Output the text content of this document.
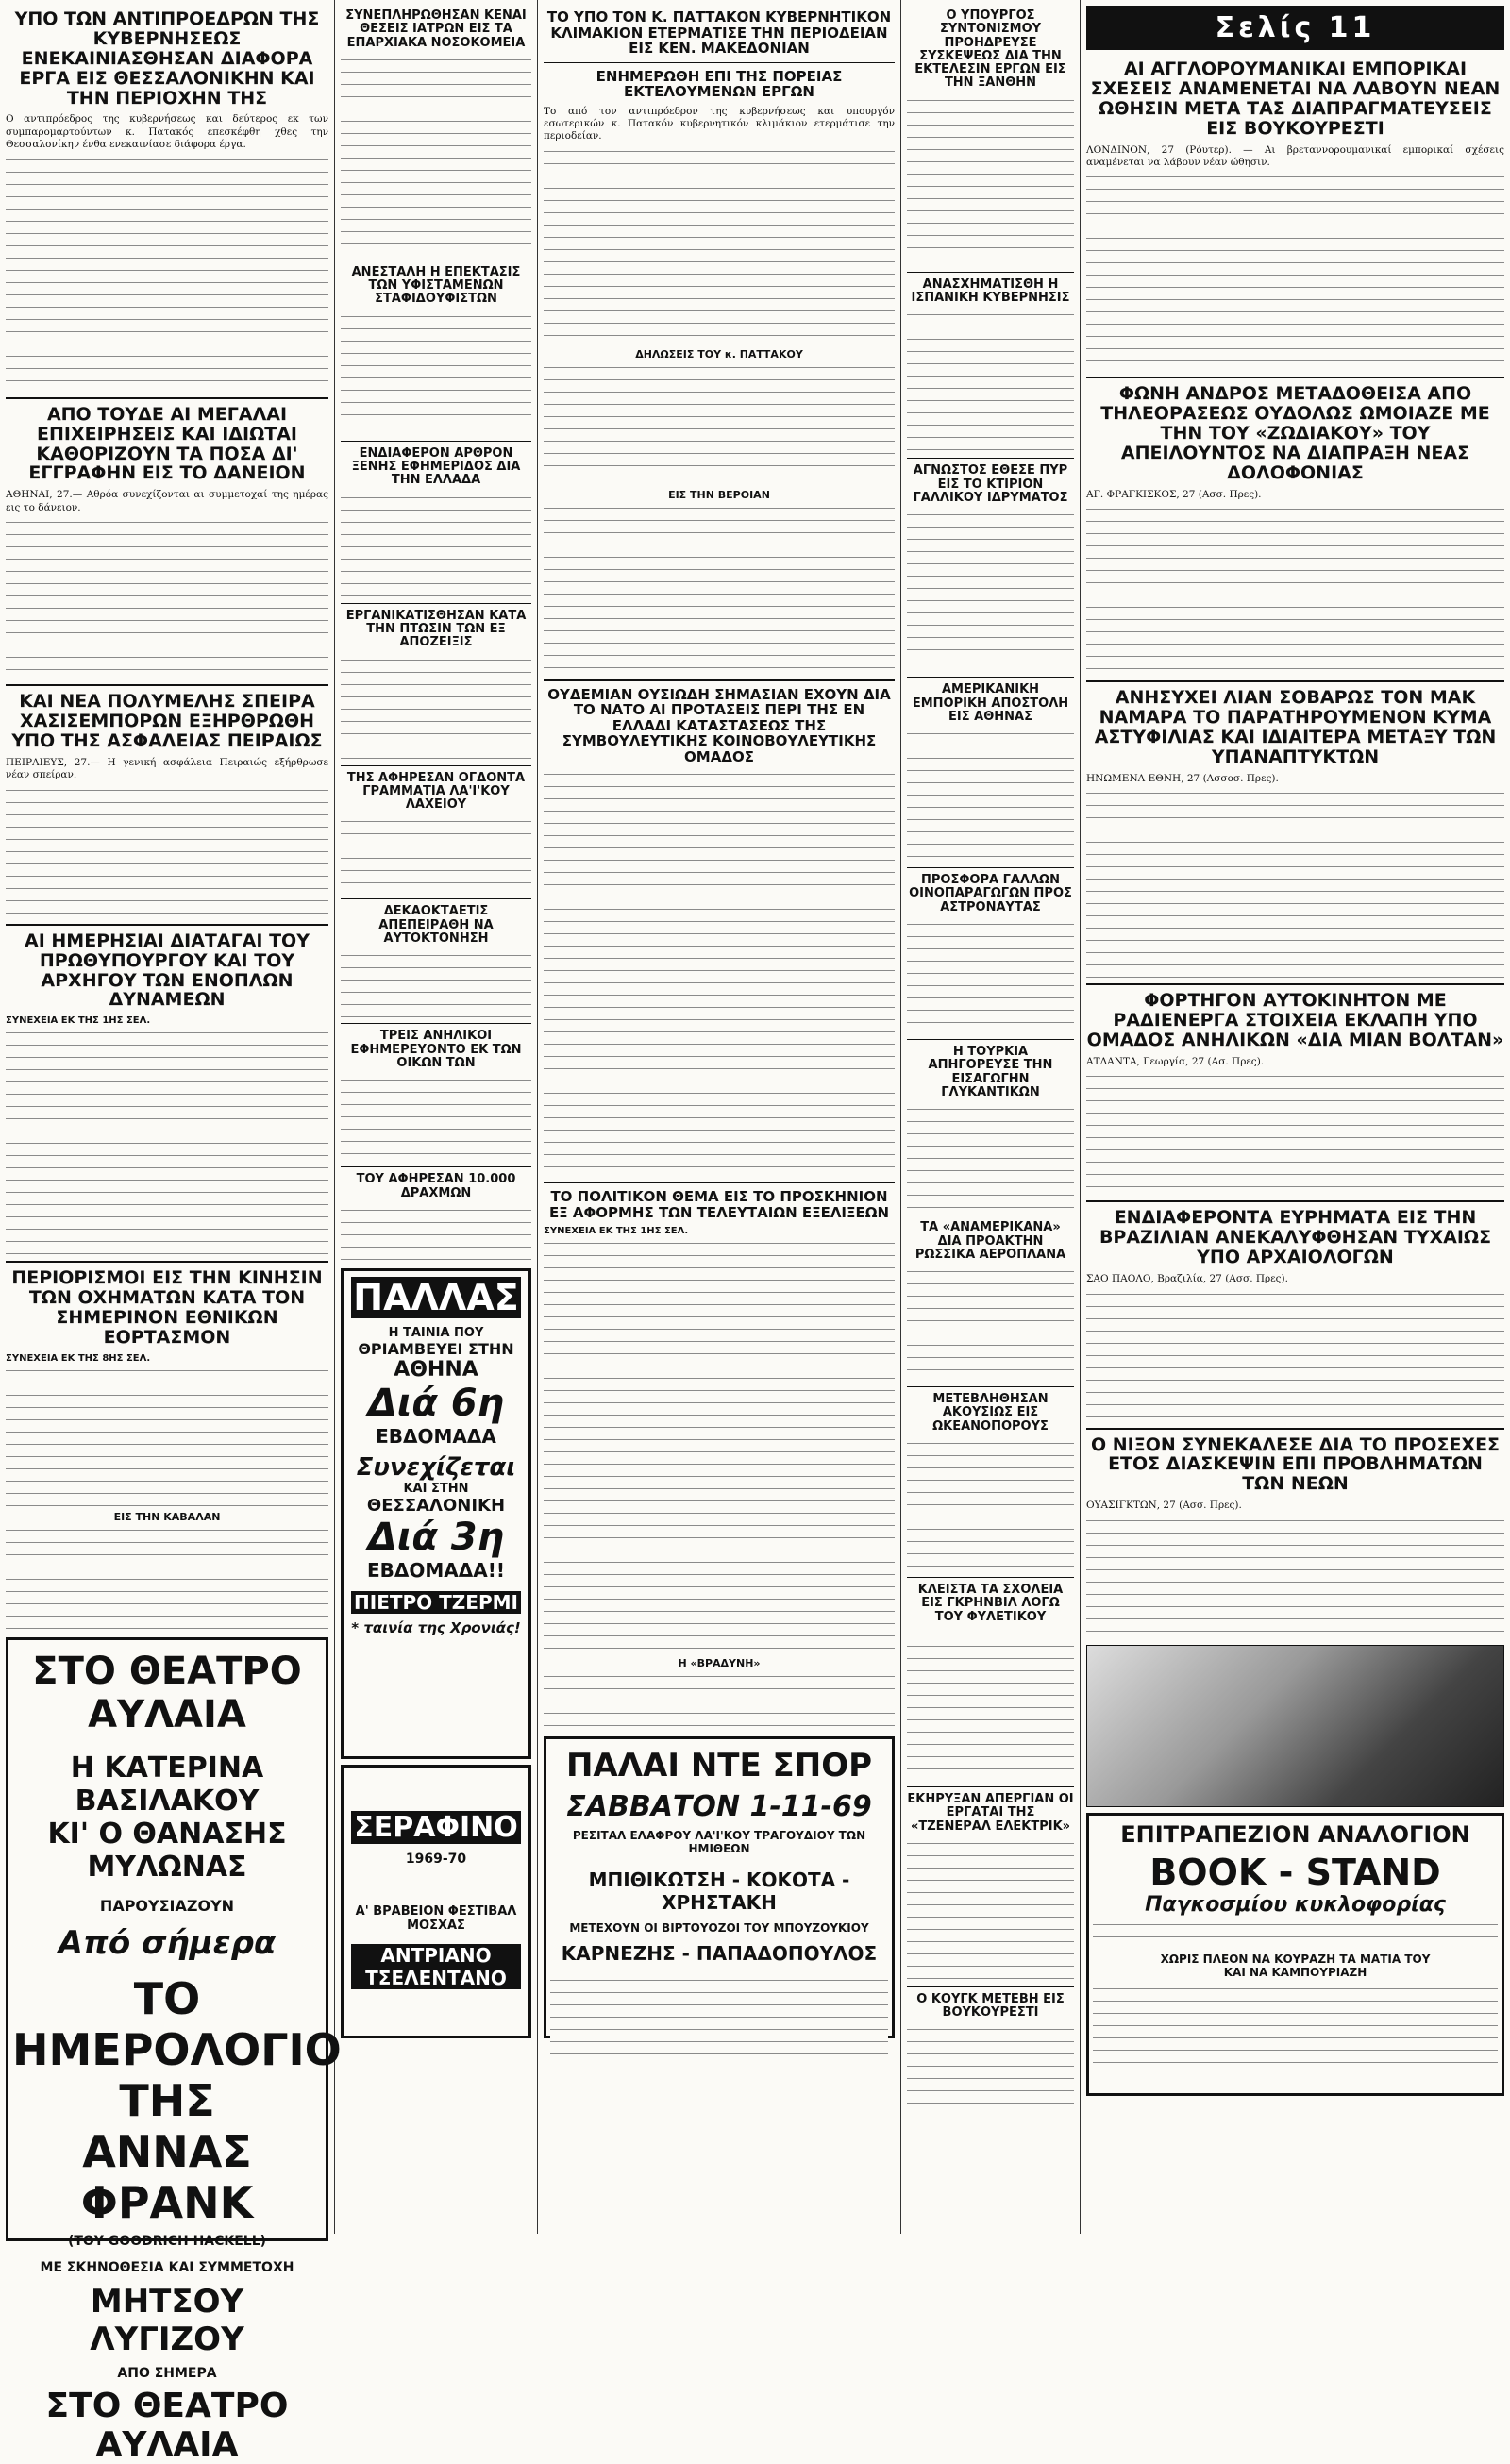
ΥΠΟ ΤΩΝ ΑΝΤΙΠΡΟΕΔΡΩΝ ΤΗΣ ΚΥΒΕΡΝΗΣΕΩΣ ΕΝΕΚΑΙΝΙΑΣΘΗΣΑΝ ΔΙΑΦΟΡΑ ΕΡΓΑ ΕΙΣ ΘΕΣΣΑΛΟΝΙΚΗΝ ΚΑΙ ΤΗΝ ΠΕΡΙΟΧΗΝ ΤΗΣ

Ο αντιπρόεδρος της κυβερνήσεως και δεύτερος εκ των συμπαρομαρτούντων κ. Πατακός επεσκέφθη χθες την Θεσσαλονίκην ένθα ενεκαινίασε διάφορα έργα.

ΑΠΟ ΤΟΥΔΕ ΑΙ ΜΕΓΑΛΑΙ ΕΠΙΧΕΙΡΗΣΕΙΣ ΚΑΙ ΙΔΙΩΤΑΙ ΚΑΘΟΡΙΖΟΥΝ ΤΑ ΠΟΣΑ ΔΙ' ΕΓΓΡΑΦΗΝ ΕΙΣ ΤΟ ΔΑΝΕΙΟΝ

ΑΘΗΝΑΙ, 27.— Αθρόα συνεχίζονται αι συμμετοχαί της ημέρας εις το δάνειον.

ΚΑΙ ΝΕΑ ΠΟΛΥΜΕΛΗΣ ΣΠΕΙΡΑ ΧΑΣΙΣΕΜΠΟΡΩΝ ΕΞΗΡΘΡΩΘΗ ΥΠΟ ΤΗΣ ΑΣΦΑΛΕΙΑΣ ΠΕΙΡΑΙΩΣ

ΠΕΙΡΑΙΕΥΣ, 27.— Η γενική ασφάλεια Πειραιώς εξήρθρωσε νέαν σπείραν.

ΑΙ ΗΜΕΡΗΣΙΑΙ ΔΙΑΤΑΓΑΙ ΤΟΥ ΠΡΩΘΥΠΟΥΡΓΟΥ ΚΑΙ ΤΟΥ ΑΡΧΗΓΟΥ ΤΩΝ ΕΝΟΠΛΩΝ ΔΥΝΑΜΕΩΝ
ΣΥΝΕΧΕΙΑ ΕΚ ΤΗΣ 1ΗΣ ΣΕΛ.
ΠΕΡΙΟΡΙΣΜΟΙ ΕΙΣ ΤΗΝ ΚΙΝΗΣΙΝ ΤΩΝ ΟΧΗΜΑΤΩΝ ΚΑΤΑ ΤΟΝ ΣΗΜΕΡΙΝΟΝ ΕΘΝΙΚΩΝ ΕΟΡΤΑΣΜΟΝ
ΣΥΝΕΧΕΙΑ ΕΚ ΤΗΣ 8ΗΣ ΣΕΛ.
ΕΙΣ ΤΗΝ ΚΑΒΑΛΑΝ
ΣΤΟ ΘΕΑΤΡΟ ΑΥΛΑΙΑ
Η ΚΑΤΕΡΙΝΑ ΒΑΣΙΛΑΚΟΥ
ΚΙ' Ο ΘΑΝΑΣΗΣ ΜΥΛΩΝΑΣ
ΠΑΡΟΥΣΙΑΖΟΥΝ
Από σήμερα
ΤΟ ΗΜΕΡΟΛΟΓΙΟ
ΤΗΣ
ΑΝΝΑΣ ΦΡΑΝΚ
(ΤΟΥ GOODRICH HACKELL)
ΜΕ ΣΚΗΝΟΘΕΣΙΑ ΚΑΙ ΣΥΜΜΕΤΟΧΗ
ΜΗΤΣΟΥ ΛΥΓΙΖΟΥ
ΑΠΟ ΣΗΜΕΡΑ
ΣΤΟ ΘΕΑΤΡΟ ΑΥΛΑΙΑ
ΣΥΝΕΠΛΗΡΩΘΗΣΑΝ ΚΕΝΑΙ ΘΕΣΕΙΣ ΙΑΤΡΩΝ ΕΙΣ ΤΑ ΕΠΑΡΧΙΑΚΑ ΝΟΣΟΚΟΜΕΙΑ
ΑΝΕΣΤΑΛΗ Η ΕΠΕΚΤΑΣΙΣ ΤΩΝ ΥΦΙΣΤΑΜΕΝΩΝ ΣΤΑΦΙΔΟΥΦΙΣΤΩΝ
ΕΝΔΙΑΦΕΡΟΝ ΑΡΘΡΟΝ ΞΕΝΗΣ ΕΦΗΜΕΡΙΔΟΣ ΔΙΑ ΤΗΝ ΕΛΛΑΔΑ
ΕΡΓΑΝΙΚΑΤΙΣΘΗΣΑΝ ΚΑΤΑ ΤΗΝ ΠΤΩΣΙΝ ΤΩΝ ΕΞ ΑΠΟΖΕΙΞΙΣ
ΤΗΣ ΑΦΗΡΕΣΑΝ ΟΓΔΟΝΤΑ ΓΡΑΜΜΑΤΙΑ ΛΑ'Ι'ΚΟΥ ΛΑΧΕΙΟΥ
ΔΕΚΑΟΚΤΑΕΤΙΣ ΑΠΕΠΕΙΡΑΘΗ ΝΑ ΑΥΤΟΚΤΟΝΗΣΗ
ΤΡΕΙΣ ΑΝΗΛΙΚΟΙ ΕΦΗΜΕΡΕΥΟΝΤΟ ΕΚ ΤΩΝ ΟΙΚΩΝ ΤΩΝ
ΤΟΥ ΑΦΗΡΕΣΑΝ 10.000 ΔΡΑΧΜΩΝ
ΠΑΛΛΑΣ
Η ΤΑΙΝΙΑ ΠΟΥ
ΘΡΙΑΜΒΕΥΕΙ ΣΤΗΝ
ΑΘΗΝΑ
Διά 6η
ΕΒΔΟΜΑΔΑ
Συνεχίζεται
ΚΑΙ ΣΤΗΝ
ΘΕΣΣΑΛΟΝΙΚΗ
Διά 3η
ΕΒΔΟΜΑΔΑ!!
ΠΙΕΤΡΟ ΤΖΕΡΜΙ
* ταινία της Χρονιάς!
ΣΕΡΑΦΙΝΟ
1969-70
Α' ΒΡΑΒΕΙΟΝ ΦΕΣΤΙΒΑΛ ΜΟΣΧΑΣ
ΑΝΤΡΙΑΝΟ ΤΣΕΛΕΝΤΑΝΟ
ΤΟ ΥΠΟ ΤΟΝ Κ. ΠΑΤΤΑΚΟΝ ΚΥΒΕΡΝΗΤΙΚΟΝ ΚΛΙΜΑΚΙΟΝ ΕΤΕΡΜΑΤΙΣΕ ΤΗΝ ΠΕΡΙΟΔΕΙΑΝ ΕΙΣ ΚΕΝ. ΜΑΚΕΔΟΝΙΑΝ
ΕΝΗΜΕΡΩΘΗ ΕΠΙ ΤΗΣ ΠΟΡΕΙΑΣ ΕΚΤΕΛΟΥΜΕΝΩΝ ΕΡΓΩΝ

Το από τον αντιπρόεδρον της κυβερνήσεως και υπουργόν εσωτερικών κ. Πατακόν κυβερνητικόν κλιμάκιον ετερμάτισε την περιοδείαν.

ΔΗΛΩΣΕΙΣ ΤΟΥ κ. ΠΑΤΤΑΚΟΥ
ΕΙΣ ΤΗΝ ΒΕΡΟΙΑΝ
ΟΥΔΕΜΙΑΝ ΟΥΣΙΩΔΗ ΣΗΜΑΣΙΑΝ ΕΧΟΥΝ ΔΙΑ ΤΟ ΝΑΤΟ ΑΙ ΠΡΟΤΑΣΕΙΣ ΠΕΡΙ ΤΗΣ ΕΝ ΕΛΛΑΔΙ ΚΑΤΑΣΤΑΣΕΩΣ ΤΗΣ ΣΥΜΒΟΥΛΕΥΤΙΚΗΣ ΚΟΙΝΟΒΟΥΛΕΥΤΙΚΗΣ ΟΜΑΔΟΣ
ΤΟ ΠΟΛΙΤΙΚΟΝ ΘΕΜΑ ΕΙΣ ΤΟ ΠΡΟΣΚΗΝΙΟΝ ΕΞ ΑΦΟΡΜΗΣ ΤΩΝ ΤΕΛΕΥΤΑΙΩΝ ΕΞΕΛΙΞΕΩΝ
ΣΥΝΕΧΕΙΑ ΕΚ ΤΗΣ 1ΗΣ ΣΕΛ.
Η «ΒΡΑΔΥΝΗ»
ΠΑΛΑΙ ΝΤΕ ΣΠΟΡ
ΣΑΒΒΑΤΟΝ 1-11-69
ΡΕΣΙΤΑΛ ΕΛΑΦΡΟΥ ΛΑ'Ι'ΚΟΥ ΤΡΑΓΟΥΔΙΟΥ ΤΩΝ ΗΜΙΘΕΩΝ
ΜΠΙΘΙΚΩΤΣΗ - ΚΟΚΟΤΑ - ΧΡΗΣΤΑΚΗ
ΜΕΤΕΧΟΥΝ ΟΙ ΒΙΡΤΟΥΟΖΟΙ ΤΟΥ ΜΠΟΥΖΟΥΚΙΟΥ
ΚΑΡΝΕΖΗΣ - ΠΑΠΑΔΟΠΟΥΛΟΣ
Ο ΥΠΟΥΡΓΟΣ ΣΥΝΤΟΝΙΣΜΟΥ ΠΡΟΗΔΡΕΥΣΕ ΣΥΣΚΕΨΕΩΣ ΔΙΑ ΤΗΝ ΕΚΤΕΛΕΣΙΝ ΕΡΓΩΝ ΕΙΣ ΤΗΝ ΞΑΝΘΗΝ
ΑΝΑΣΧΗΜΑΤΙΣΘΗ Η ΙΣΠΑΝΙΚΗ ΚΥΒΕΡΝΗΣΙΣ
ΑΓΝΩΣΤΟΣ ΕΘΕΣΕ ΠΥΡ ΕΙΣ ΤΟ ΚΤΙΡΙΟΝ ΓΑΛΛΙΚΟΥ ΙΔΡΥΜΑΤΟΣ
ΑΜΕΡΙΚΑΝΙΚΗ ΕΜΠΟΡΙΚΗ ΑΠΟΣΤΟΛΗ ΕΙΣ ΑΘΗΝΑΣ
ΠΡΟΣΦΟΡΑ ΓΑΛΛΩΝ ΟΙΝΟΠΑΡΑΓΩΓΩΝ ΠΡΟΣ ΑΣΤΡΟΝΑΥΤΑΣ
Η ΤΟΥΡΚΙΑ ΑΠΗΓΟΡΕΥΣΕ ΤΗΝ ΕΙΣΑΓΩΓΗΝ ΓΛΥΚΑΝΤΙΚΩΝ
ΤΑ «ΑΝΑΜΕΡΙΚΑΝΑ» ΔΙΑ ΠΡΟΑΚΤΗΝ ΡΩΣΣΙΚΑ ΑΕΡΟΠΛΑΝΑ
ΜΕΤΕΒΛΗΘΗΣΑΝ ΑΚΟΥΣΙΩΣ ΕΙΣ ΩΚΕΑΝΟΠΟΡΟΥΣ
ΚΛΕΙΣΤΑ ΤΑ ΣΧΟΛΕΙΑ ΕΙΣ ΓΚΡΗΝΒΙΛ ΛΟΓΩ ΤΟΥ ΦΥΛΕΤΙΚΟΥ
ΕΚΗΡΥΞΑΝ ΑΠΕΡΓΙΑΝ ΟΙ ΕΡΓΑΤΑΙ ΤΗΣ «ΤΖΕΝΕΡΑΛ ΕΛΕΚΤΡΙΚ»
Ο ΚΟΥΓΚ ΜΕΤΕΒΗ ΕΙΣ ΒΟΥΚΟΥΡΕΣΤΙ
Σελίς 11
ΑΙ ΑΓΓΛΟΡΟΥΜΑΝΙΚΑΙ ΕΜΠΟΡΙΚΑΙ ΣΧΕΣΕΙΣ ΑΝΑΜΕΝΕΤΑΙ ΝΑ ΛΑΒΟΥΝ ΝΕΑΝ ΩΘΗΣΙΝ ΜΕΤΑ ΤΑΣ ΔΙΑΠΡΑΓΜΑΤΕΥΣΕΙΣ ΕΙΣ ΒΟΥΚΟΥΡΕΣΤΙ

ΛΟΝΔΙΝΟΝ, 27 (Ρόυτερ). — Αι βρεταννορουμανικαί εμπορικαί σχέσεις αναμένεται να λάβουν νέαν ώθησιν.

ΦΩΝΗ ΑΝΔΡΟΣ ΜΕΤΑΔΟΘΕΙΣΑ ΑΠΟ ΤΗΛΕΟΡΑΣΕΩΣ ΟΥΔΟΛΩΣ ΩΜΟΙΑΖΕ ΜΕ ΤΗΝ ΤΟΥ «ΖΩΔΙΑΚΟΥ» ΤΟΥ ΑΠΕΙΛΟΥΝΤΟΣ ΝΑ ΔΙΑΠΡΑΞΗ ΝΕΑΣ ΔΟΛΟΦΟΝΙΑΣ

ΑΓ. ΦΡΑΓΚΙΣΚΟΣ, 27 (Ασσ. Πρες).

ΑΝΗΣΥΧΕΙ ΛΙΑΝ ΣΟΒΑΡΩΣ ΤΟΝ ΜΑΚ ΝΑΜΑΡΑ ΤΟ ΠΑΡΑΤΗΡΟΥΜΕΝΟΝ ΚΥΜΑ ΑΣΤΥΦΙΛΙΑΣ ΚΑΙ ΙΔΙΑΙΤΕΡΑ ΜΕΤΑΞΥ ΤΩΝ ΥΠΑΝΑΠΤΥΚΤΩΝ

ΗΝΩΜΕΝΑ ΕΘΝΗ, 27 (Ασσοσ. Πρες).

ΦΟΡΤΗΓΟΝ ΑΥΤΟΚΙΝΗΤΟΝ ΜΕ ΡΑΔΙΕΝΕΡΓΑ ΣΤΟΙΧΕΙΑ ΕΚΛΑΠΗ ΥΠΟ ΟΜΑΔΟΣ ΑΝΗΛΙΚΩΝ «ΔΙΑ ΜΙΑΝ ΒΟΛΤΑΝ»

ΑΤΛΑΝΤΑ, Γεωργία, 27 (Ασ. Πρες).

ΕΝΔΙΑΦΕΡΟΝΤΑ ΕΥΡΗΜΑΤΑ ΕΙΣ ΤΗΝ ΒΡΑΖΙΛΙΑΝ ΑΝΕΚΑΛΥΦΘΗΣΑΝ ΤΥΧΑΙΩΣ ΥΠΟ ΑΡΧΑΙΟΛΟΓΩΝ

ΣΑΟ ΠΑΟΛΟ, Βραζιλία, 27 (Ασσ. Πρες).

Ο ΝΙΞΟΝ ΣΥΝΕΚΑΛΕΣΕ ΔΙΑ ΤΟ ΠΡΟΣΕΧΕΣ ΕΤΟΣ ΔΙΑΣΚΕΨΙΝ ΕΠΙ ΠΡΟΒΛΗΜΑΤΩΝ ΤΩΝ ΝΕΩΝ

ΟΥΑΣΙΓΚΤΩΝ, 27 (Ασσ. Πρες).

ΕΠΙΤΡΑΠΕΖΙΟΝ ΑΝΑΛΟΓΙΟΝ
BOOK - STAND
Παγκοσμίου κυκλοφορίας
ΧΩΡΙΣ ΠΛΕΟΝ ΝΑ ΚΟΥΡΑΖΗ ΤΑ ΜΑΤΙΑ ΤΟΥ
ΚΑΙ ΝΑ ΚΑΜΠΟΥΡΙΑΖΗ
